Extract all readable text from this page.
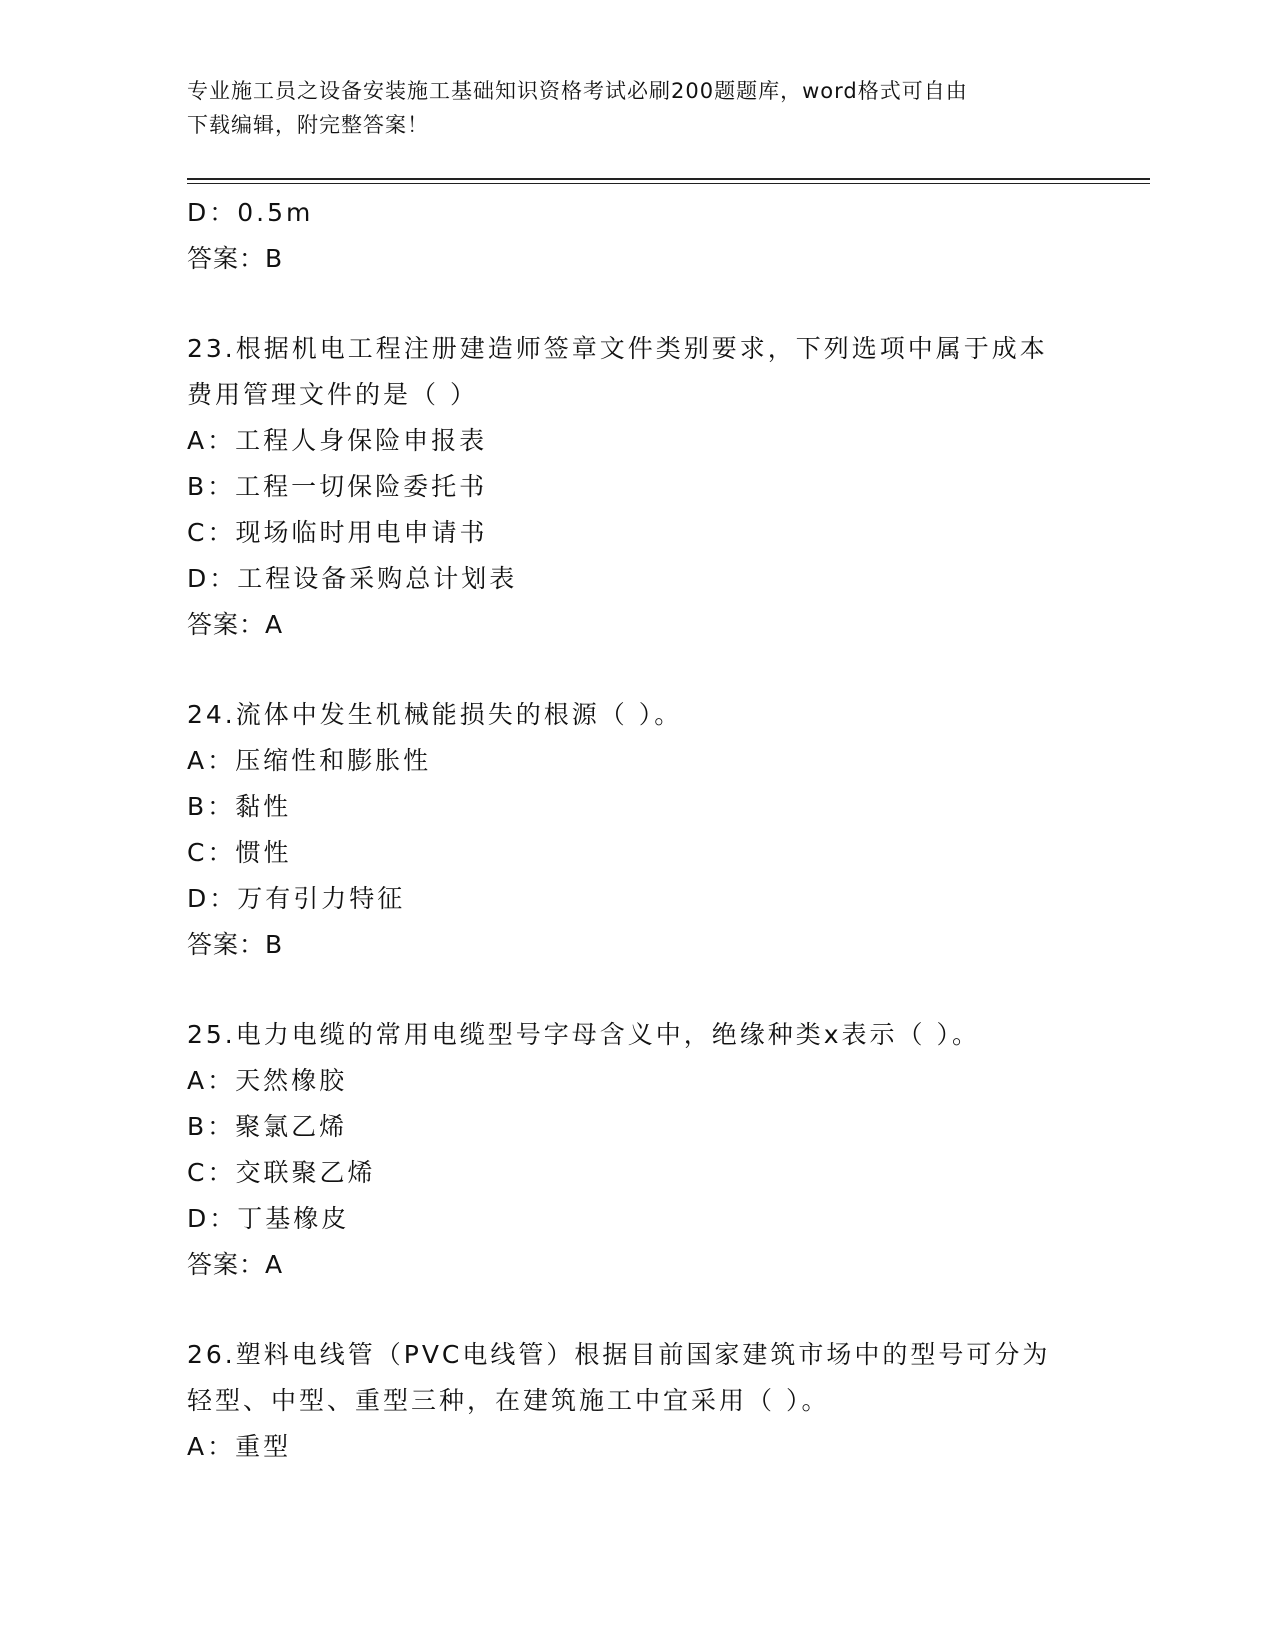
专业施工员之设备安装施工基础知识资格考试必刷200题题库，word格式可自由
下载编辑，附完整答案！
D：0.5m
答案：B
23.根据机电工程注册建造师签章文件类别要求，下列选项中属于成本
费用管理文件的是（ ）
A：工程人身保险申报表
B：工程一切保险委托书
C：现场临时用电申请书
D：工程设备采购总计划表
答案：A
24.流体中发生机械能损失的根源（ ）。
A：压缩性和膨胀性
B：黏性
C：惯性
D：万有引力特征
答案：B
25.电力电缆的常用电缆型号字母含义中，绝缘种类x表示（ ）。
A：天然橡胶
B：聚氯乙烯
C：交联聚乙烯
D：丁基橡皮
答案：A
26.塑料电线管（PVC电线管）根据目前国家建筑市场中的型号可分为
轻型、中型、重型三种，在建筑施工中宜采用（ ）。
A：重型
